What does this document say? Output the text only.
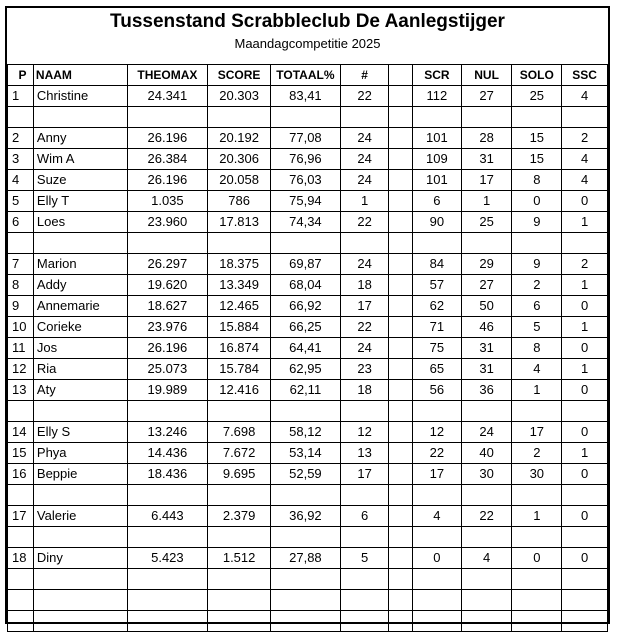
Tussenstand Scrabbleclub De Aanlegstijger
Maandagcompetitie 2025
P	NAAM	THEOMAX	SCORE	TOTAAL%	#		SCR	NUL	SOLO	SSC
1	Christine	24.341	20.303	83,41	22		112	27	25	4

2	Anny	26.196	20.192	77,08	24		101	28	15	2
3	Wim A	26.384	20.306	76,96	24		109	31	15	4
4	Suze	26.196	20.058	76,03	24		101	17	8	4
5	Elly T	1.035	786	75,94	1		6	1	0	0
6	Loes	23.960	17.813	74,34	22		90	25	9	1

7	Marion	26.297	18.375	69,87	24		84	29	9	2
8	Addy	19.620	13.349	68,04	18		57	27	2	1
9	Annemarie	18.627	12.465	66,92	17		62	50	6	0
10	Corieke	23.976	15.884	66,25	22		71	46	5	1
11	Jos	26.196	16.874	64,41	24		75	31	8	0
12	Ria	25.073	15.784	62,95	23		65	31	4	1
13	Aty	19.989	12.416	62,11	18		56	36	1	0

14	Elly S	13.246	7.698	58,12	12		12	24	17	0
15	Phya	14.436	7.672	53,14	13		22	40	2	1
16	Beppie	18.436	9.695	52,59	17		17	30	30	0

17	Valerie	6.443	2.379	36,92	6		4	22	1	0

18	Diny	5.423	1.512	27,88	5		0	4	0	0
